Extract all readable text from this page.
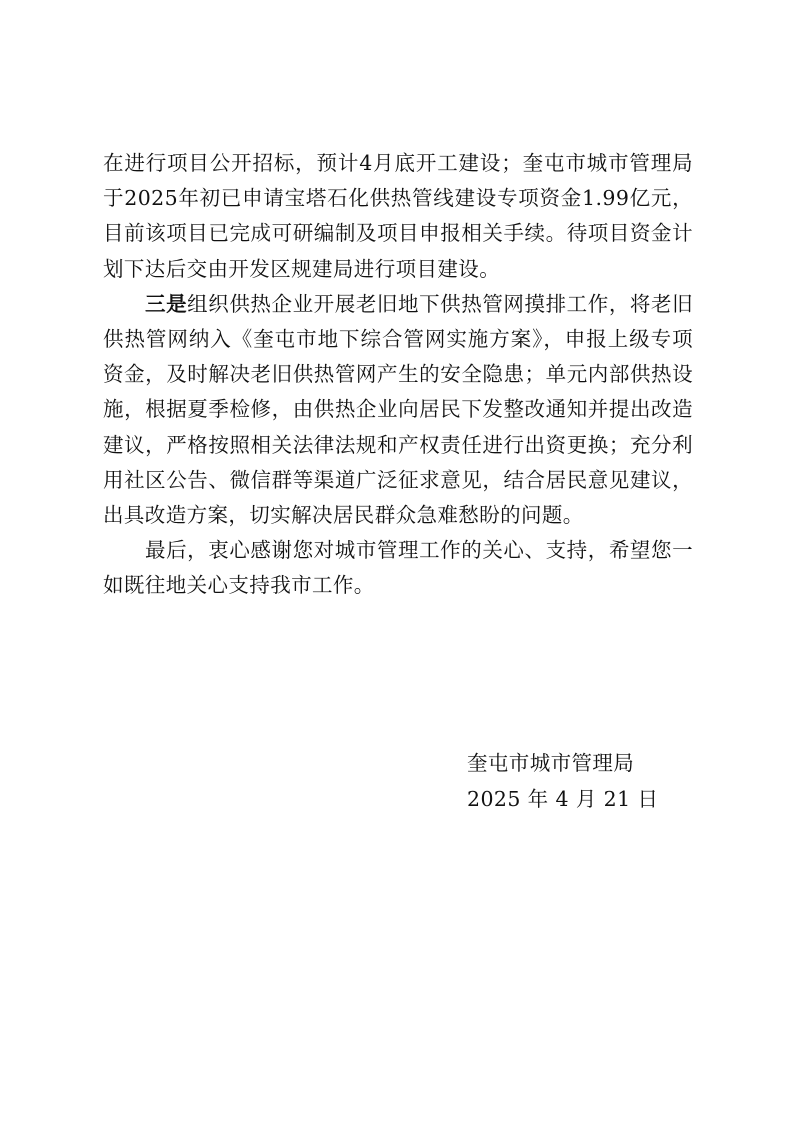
在进行项目公开招标，预计4月底开工建设；奎屯市城市管理局于2025年初已申请宝塔石化供热管线建设专项资金1.99亿元，目前该项目已完成可研编制及项目申报相关手续。待项目资金计划下达后交由开发区规建局进行项目建设。

三是组织供热企业开展老旧地下供热管网摸排工作，将老旧供热管网纳入《奎屯市地下综合管网实施方案》，申报上级专项资金，及时解决老旧供热管网产生的安全隐患；单元内部供热设施，根据夏季检修，由供热企业向居民下发整改通知并提出改造建议，严格按照相关法律法规和产权责任进行出资更换；充分利用社区公告、微信群等渠道广泛征求意见，结合居民意见建议，出具改造方案，切实解决居民群众急难愁盼的问题。

最后，衷心感谢您对城市管理工作的关心、支持，希望您一如既往地关心支持我市工作。

奎屯市城市管理局

2025 年 4 月 21 日
